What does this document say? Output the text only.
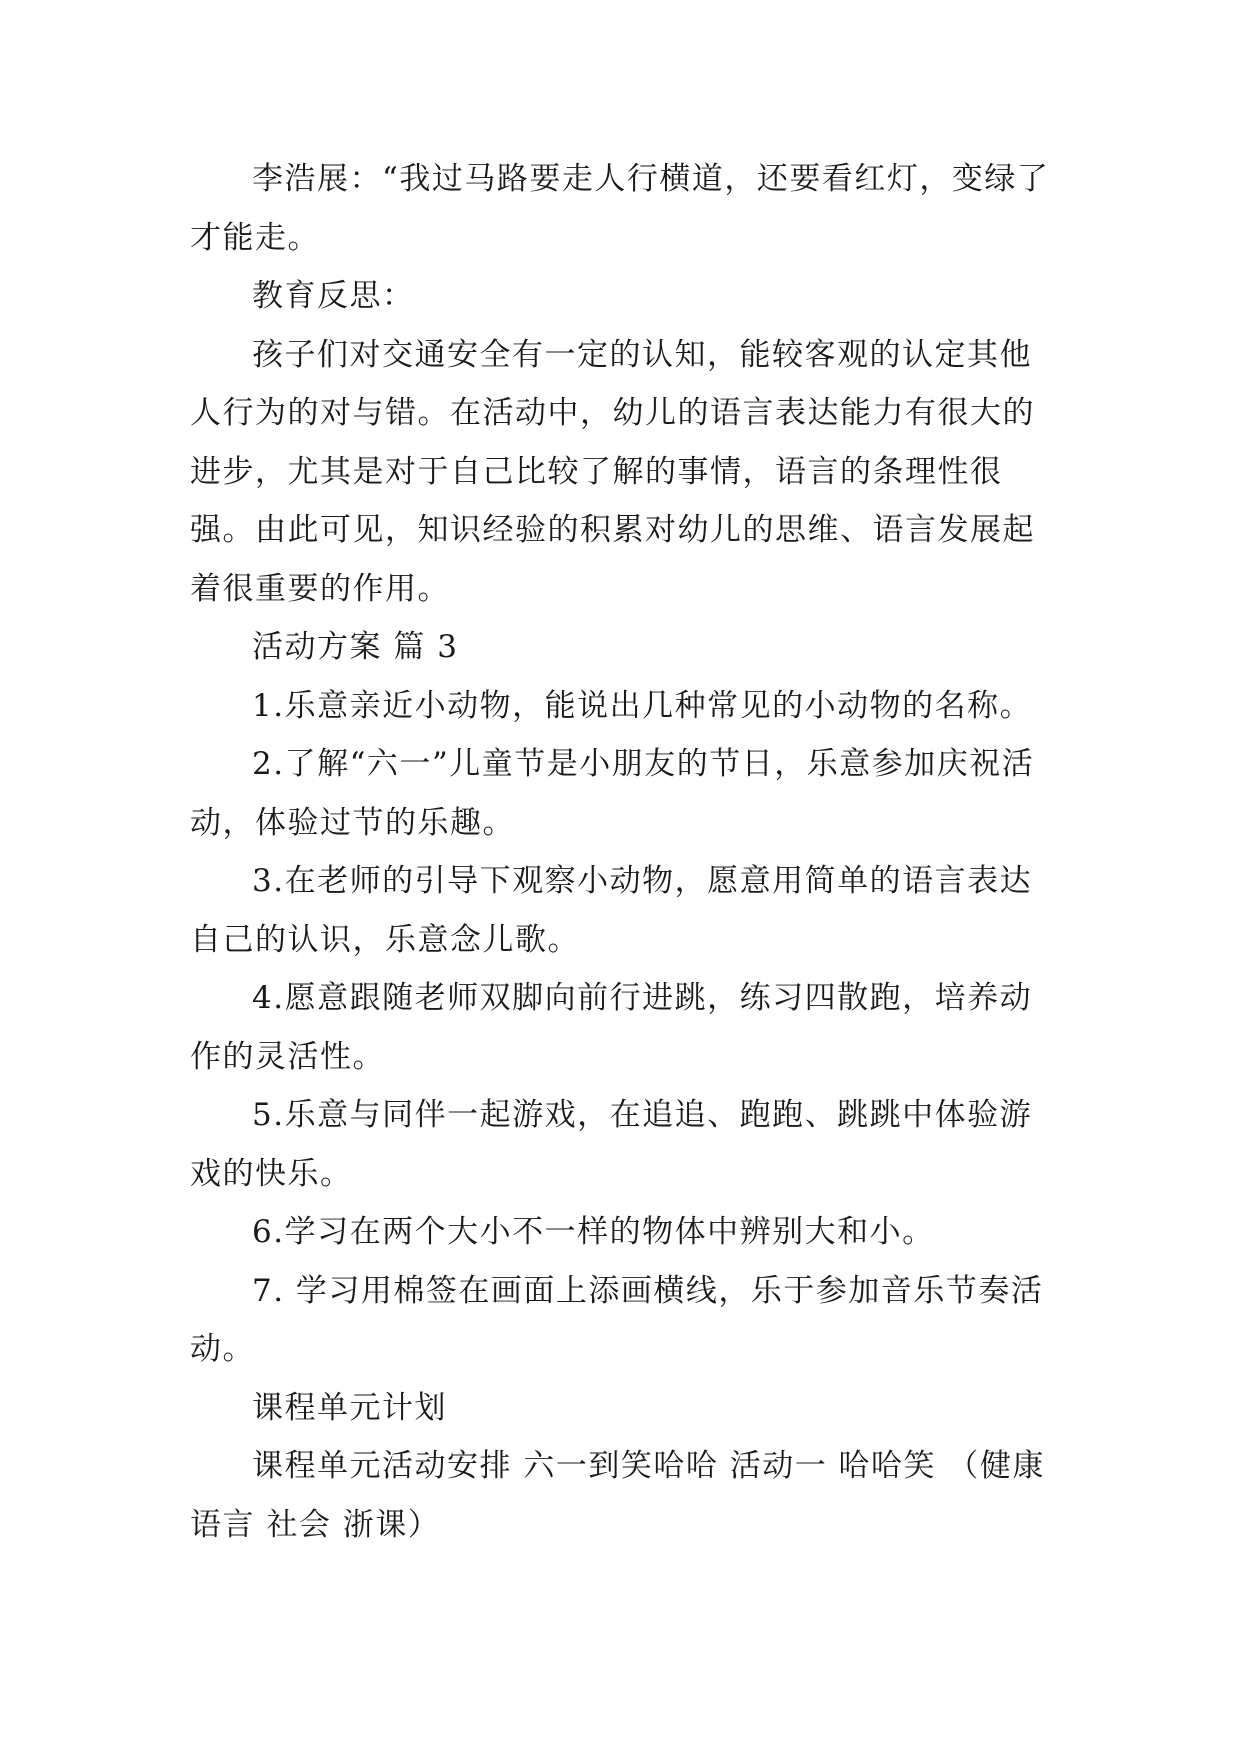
李浩展：“我过马路要走人行横道，还要看红灯，变绿了才能走。

教育反思：

孩子们对交通安全有一定的认知，能较客观的认定其他人行为的对与错。在活动中，幼儿的语言表达能力有很大的进步，尤其是对于自己比较了解的事情，语言的条理性很强。由此可见，知识经验的积累对幼儿的思维、语言发展起着很重要的作用。

活动方案 篇 3

1.乐意亲近小动物，能说出几种常见的小动物的名称。

2.了解“六一”儿童节是小朋友的节日，乐意参加庆祝活动，体验过节的乐趣。

3.在老师的引导下观察小动物，愿意用简单的语言表达自己的认识，乐意念儿歌。

4.愿意跟随老师双脚向前行进跳，练习四散跑，培养动作的灵活性。

5.乐意与同伴一起游戏，在追追、跑跑、跳跳中体验游戏的快乐。

6.学习在两个大小不一样的物体中辨别大和小。

7. 学习用棉签在画面上添画横线，乐于参加音乐节奏活动。

课程单元计划

课程单元活动安排 六一到笑哈哈 活动一 哈哈笑 （健康 语言 社会 浙课）
